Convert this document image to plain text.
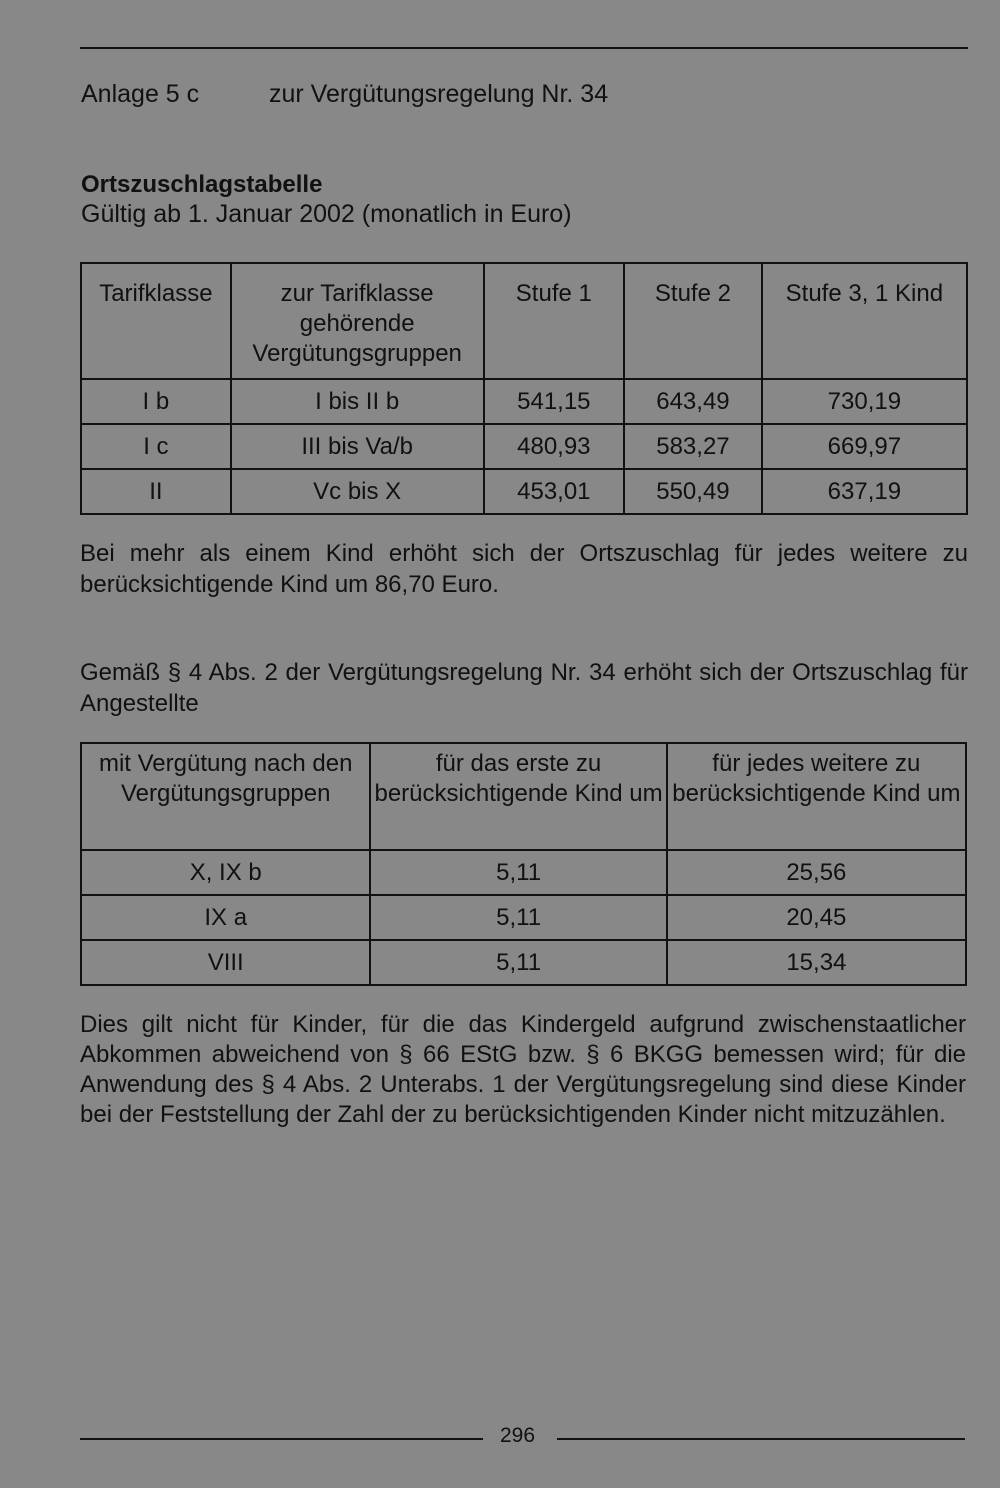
Anlage 5 c	zur Vergütungsregelung Nr. 34
Ortszuschlagstabelle
Gültig ab 1. Januar 2002 (monatlich in Euro)
Tarifklasse	zur Tarifklasse gehörende Vergütungsgruppen	Stufe 1	Stufe 2	Stufe 3, 1 Kind
I b	I bis II b	541,15	643,49	730,19
I c	III bis Va/b	480,93	583,27	669,97
II	Vc bis X	453,01	550,49	637,19
Bei mehr als einem Kind erhöht sich der Ortszuschlag für jedes weitere zu berücksichtigende Kind um 86,70 Euro.
Gemäß § 4 Abs. 2 der Vergütungsregelung Nr. 34 erhöht sich der Ortszuschlag für Angestellte
mit Vergütung nach den Vergütungsgruppen	für das erste zu berücksichtigende Kind um	für jedes weitere zu berücksichtigende Kind um
X, IX b	5,11	25,56
IX a	5,11	20,45
VIII	5,11	15,34
Dies gilt nicht für Kinder, für die das Kindergeld aufgrund zwischenstaatlicher Abkommen abweichend von § 66 EStG bzw. § 6 BKGG bemessen wird; für die Anwendung des § 4 Abs. 2 Unterabs. 1 der Vergütungsregelung sind diese Kinder bei der Feststellung der Zahl der zu berücksichtigenden Kinder nicht mitzuzählen.
296
